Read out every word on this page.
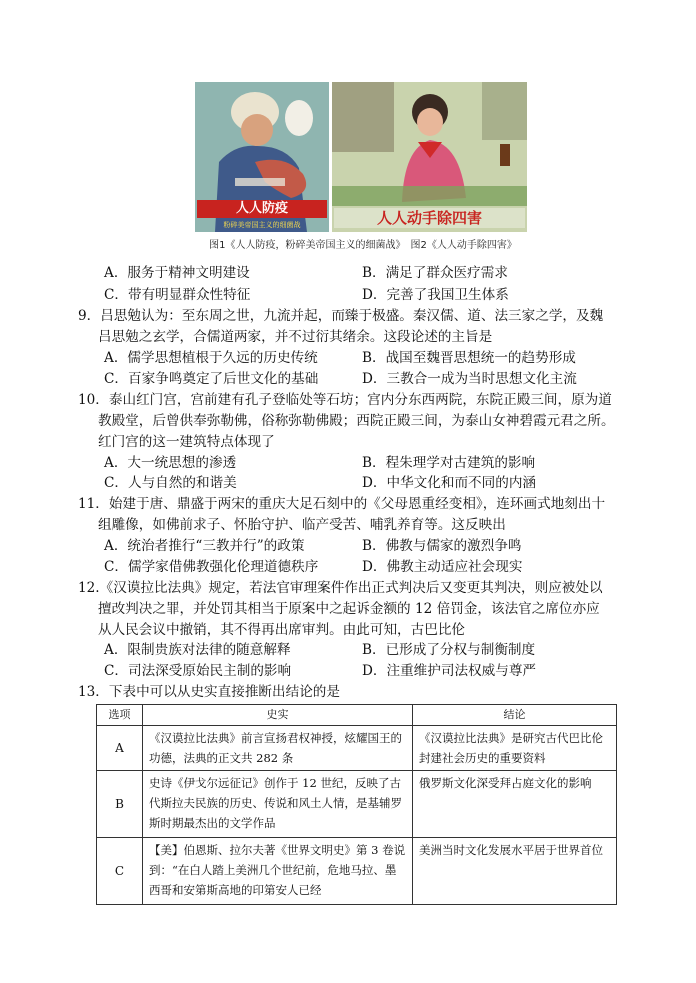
人人防疫
粉碎美帝国主义的细菌战	人人动手除四害
图1《人人防疫，粉碎美帝国主义的细菌战》　图2《人人动手除四害》
A．服务于精神文明建设	B．满足了群众医疗需求
C．带有明显群众性特征	D．完善了我国卫生体系
9．吕思勉认为：至东周之世，九流并起，而臻于极盛。秦汉儒、道、法三家之学，及魏
吕思勉之玄学，合儒道两家，并不过衍其绪余。这段论述的主旨是
A．儒学思想植根于久远的历史传统	B．战国至魏晋思想统一的趋势形成
C．百家争鸣奠定了后世文化的基础	D．三教合一成为当时思想文化主流
10．泰山红门宫，宫前建有孔子登临处等石坊；宫内分东西两院，东院正殿三间，原为道
教殿堂，后曾供奉弥勒佛，俗称弥勒佛殿；西院正殿三间，为泰山女神碧霞元君之所。
红门宫的这一建筑特点体现了
A．大一统思想的渗透	B．程朱理学对古建筑的影响
C．人与自然的和谐美	D．中华文化和而不同的内涵
11．始建于唐、鼎盛于两宋的重庆大足石刻中的《父母恩重经变相》，连环画式地刻出十
组雕像，如佛前求子、怀胎守护、临产受苦、哺乳养育等。这反映出
A．统治者推行“三教并行”的政策	B．佛教与儒家的激烈争鸣
C．儒学家借佛教强化伦理道德秩序	D．佛教主动适应社会现实
12.《汉谟拉比法典》规定，若法官审理案件作出正式判决后又变更其判决，则应被处以
擅改判决之罪，并处罚其相当于原案中之起诉金额的 12 倍罚金，该法官之席位亦应
从人民会议中撤销，其不得再出席审判。由此可知，古巴比伦
A．限制贵族对法律的随意解释	B．已形成了分权与制衡制度
C．司法深受原始民主制的影响	D．注重维护司法权威与尊严
13．下表中可以从史实直接推断出结论的是
选项	史实	结论
A	《汉谟拉比法典》前言宣扬君权神授，炫耀国王的功德，法典的正文共 282 条	《汉谟拉比法典》是研究古代巴比伦封建社会历史的重要资料
B	史诗《伊戈尔远征记》创作于 12 世纪，反映了古代斯拉夫民族的历史、传说和风土人情，是基辅罗斯时期最杰出的文学作品	俄罗斯文化深受拜占庭文化的影响
C	【美】伯恩斯、拉尔夫著《世界文明史》第 3 卷说到：“在白人踏上美洲几个世纪前，危地马拉、墨西哥和安第斯高地的印第安人已经	美洲当时文化发展水平居于世界首位
